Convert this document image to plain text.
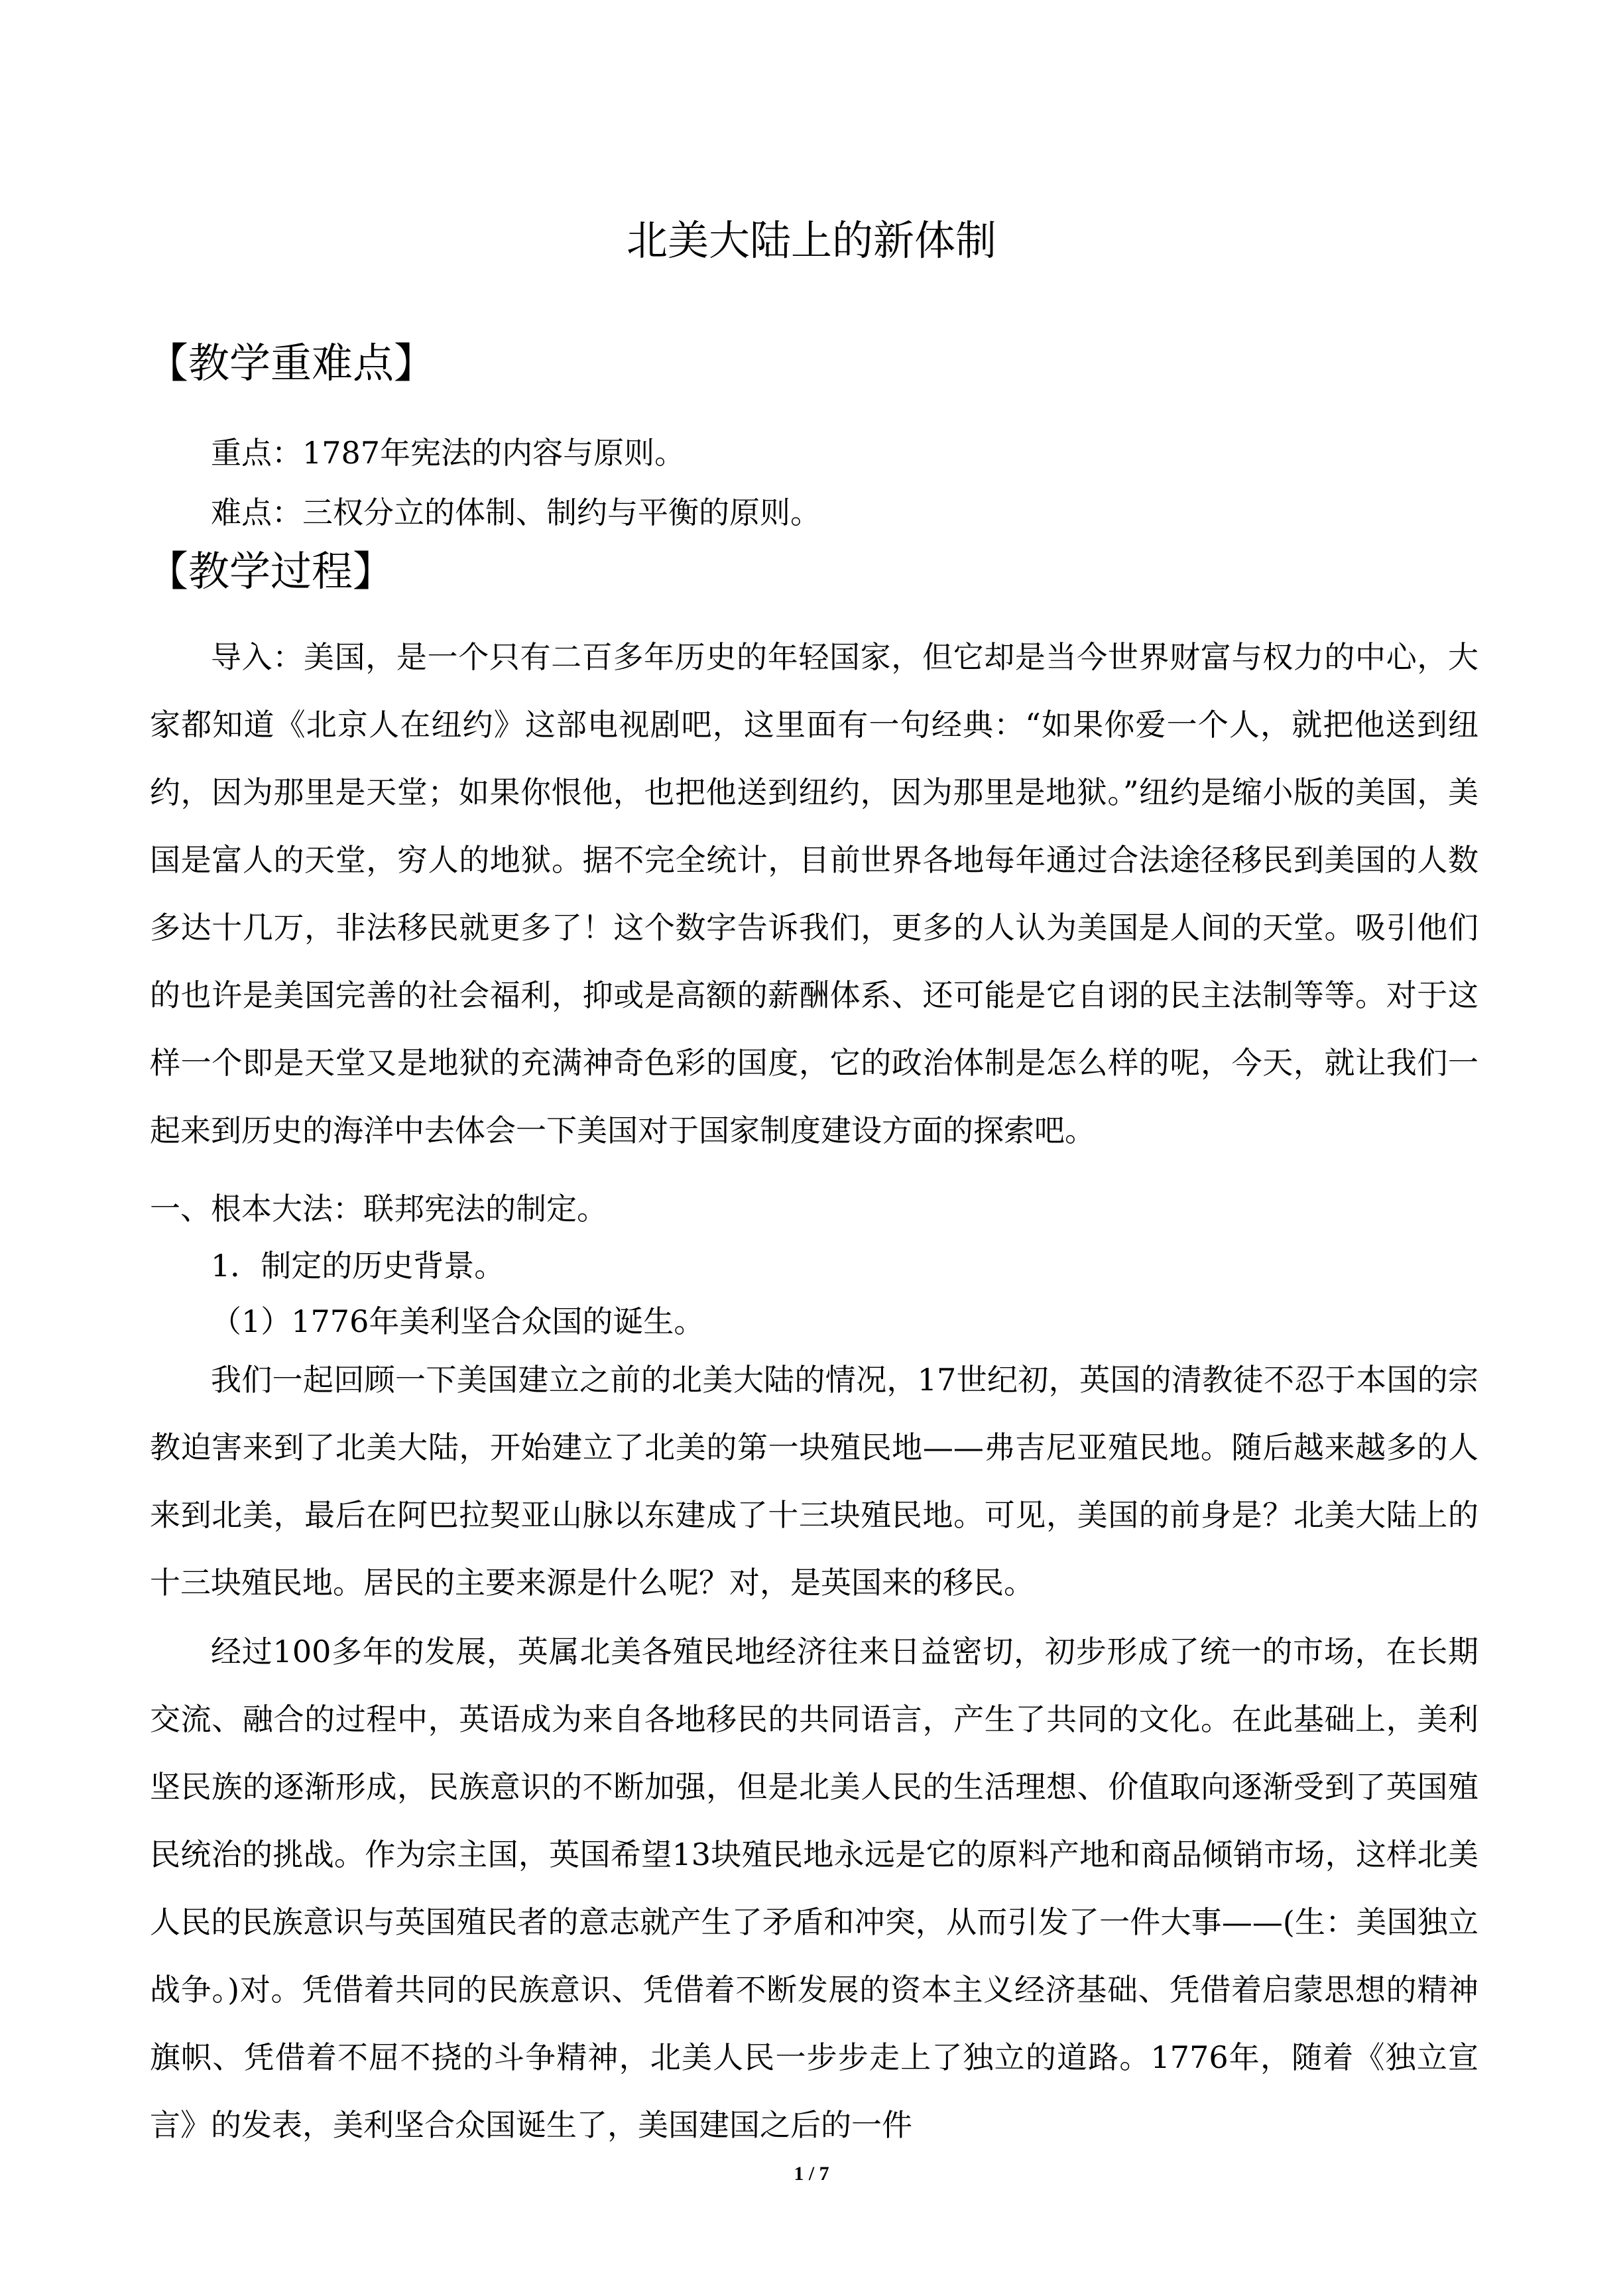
北美大陆上的新体制
【教学重难点】
重点：1787年宪法的内容与原则。
难点：三权分立的体制、制约与平衡的原则。
【教学过程】
导入：美国，是一个只有二百多年历史的年轻国家，但它却是当今世界财富与权力的中心，大家都知道《北京人在纽约》这部电视剧吧，这里面有一句经典：“如果你爱一个人，就把他送到纽约，因为那里是天堂；如果你恨他，也把他送到纽约，因为那里是地狱。”纽约是缩小版的美国，美国是富人的天堂，穷人的地狱。据不完全统计，目前世界各地每年通过合法途径移民到美国的人数多达十几万，非法移民就更多了！这个数字告诉我们，更多的人认为美国是人间的天堂。吸引他们的也许是美国完善的社会福利，抑或是高额的薪酬体系、还可能是它自诩的民主法制等等。对于这样一个即是天堂又是地狱的充满神奇色彩的国度，它的政治体制是怎么样的呢，今天，就让我们一起来到历史的海洋中去体会一下美国对于国家制度建设方面的探索吧。
一、根本大法：联邦宪法的制定。
1．制定的历史背景。
（1）1776年美利坚合众国的诞生。
我们一起回顾一下美国建立之前的北美大陆的情况，17世纪初，英国的清教徒不忍于本国的宗教迫害来到了北美大陆，开始建立了北美的第一块殖民地——弗吉尼亚殖民地。随后越来越多的人来到北美，最后在阿巴拉契亚山脉以东建成了十三块殖民地。可见，美国的前身是？北美大陆上的十三块殖民地。居民的主要来源是什么呢？对，是英国来的移民。
经过100多年的发展，英属北美各殖民地经济往来日益密切，初步形成了统一的市场，在长期交流、融合的过程中，英语成为来自各地移民的共同语言，产生了共同的文化。在此基础上，美利坚民族的逐渐形成，民族意识的不断加强，但是北美人民的生活理想、价值取向逐渐受到了英国殖民统治的挑战。作为宗主国，英国希望13块殖民地永远是它的原料产地和商品倾销市场，这样北美人民的民族意识与英国殖民者的意志就产生了矛盾和冲突，从而引发了一件大事——(生：美国独立战争。)对。凭借着共同的民族意识、凭借着不断发展的资本主义经济基础、凭借着启蒙思想的精神旗帜、凭借着不屈不挠的斗争精神，北美人民一步步走上了独立的道路。1776年，随着《独立宣言》的发表，美利坚合众国诞生了，美国建国之后的一件
1 / 7
